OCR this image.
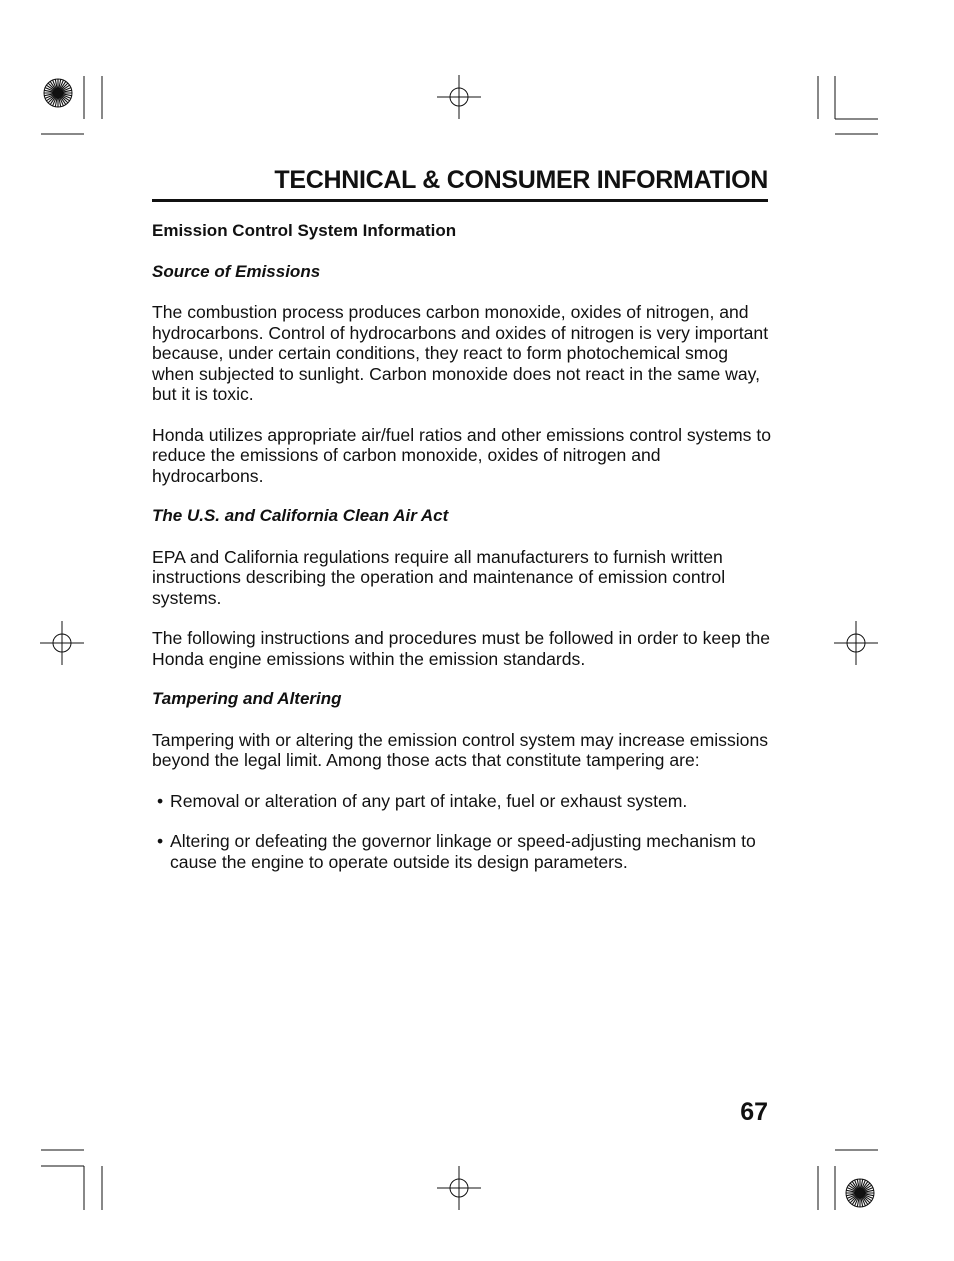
TECHNICAL & CONSUMER INFORMATION
Emission Control System Information
Source of Emissions

The combustion process produces carbon monoxide, oxides of nitrogen, and hydrocarbons. Control of hydrocarbons and oxides of nitrogen is very important because, under certain conditions, they react to form photochemical smog when subjected to sunlight. Carbon monoxide does not react in the same way, but it is toxic.

Honda utilizes appropriate air/fuel ratios and other emissions control systems to reduce the emissions of carbon monoxide, oxides of nitrogen and hydrocarbons.

The U.S. and California Clean Air Act

EPA and California regulations require all manufacturers to furnish written instructions describing the operation and maintenance of emission control systems.

The following instructions and procedures must be followed in order to keep the Honda engine emissions within the emission standards.

Tampering and Altering

Tampering with or altering the emission control system may increase emissions beyond the legal limit. Among those acts that constitute tampering are:

• Removal or alteration of any part of intake, fuel or exhaust system.
• Altering or defeating the governor linkage or speed-adjusting mechanism to cause the engine to operate outside its design parameters.
67
